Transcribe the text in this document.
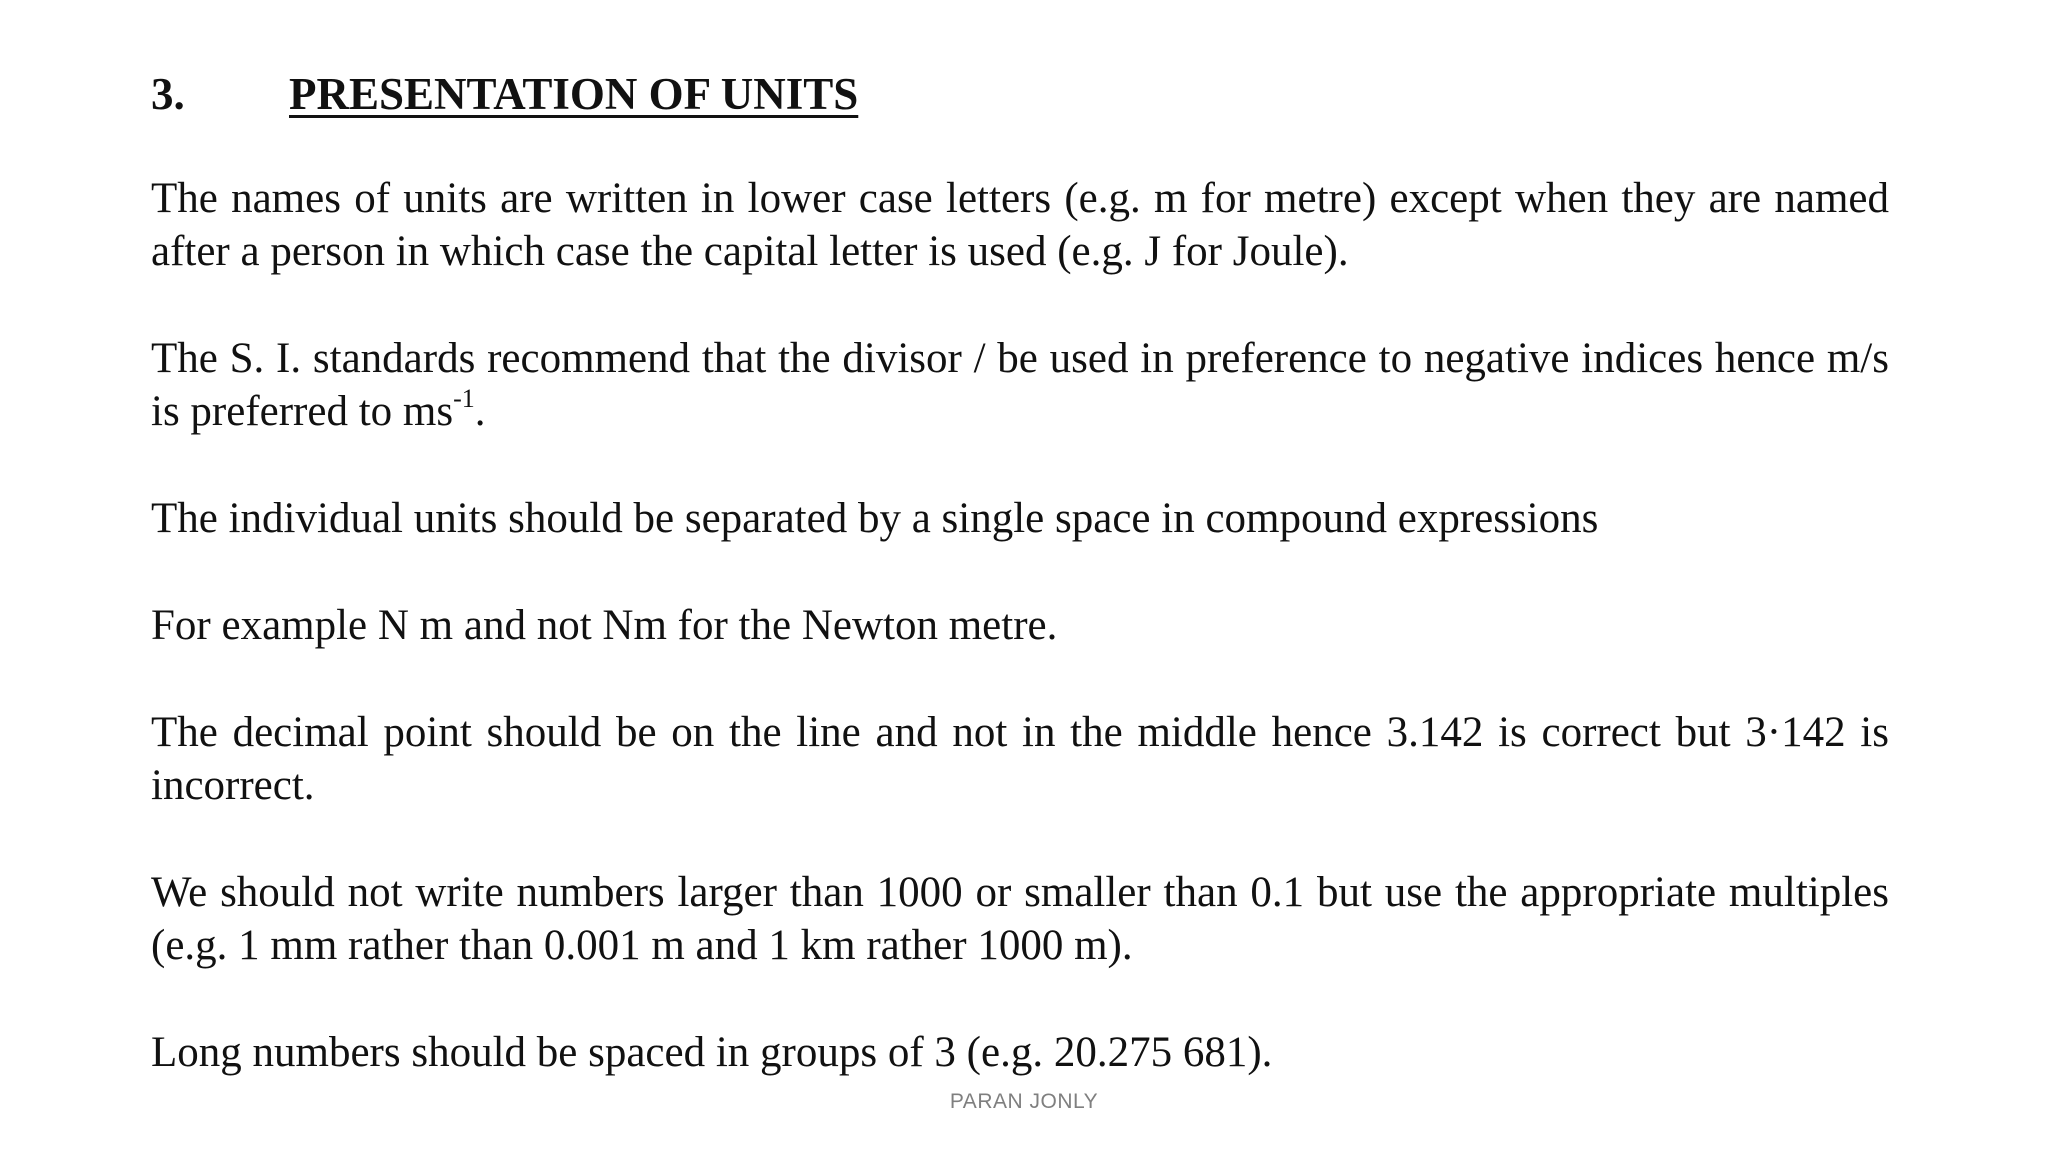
3. PRESENTATION OF UNITS

The names of units are written in lower case letters (e.g. m for metre) except when they are named after a person in which case the capital letter is used (e.g. J for Joule).

The S. I. standards recommend that the divisor / be used in preference to negative indices hence m/s is preferred to $ms^{-1}$.

The individual units should be separated by a single space in compound expressions

For example N m and not Nm for the Newton metre.

The decimal point should be on the line and not in the middle hence 3.142 is correct but 3·142 is incorrect.

We should not write numbers larger than 1000 or smaller than 0.1 but use the appropriate multiples (e.g. 1 mm rather than 0.001 m and 1 km rather 1000 m).

Long numbers should be spaced in groups of 3 (e.g. 20.275 681).

PARAN JONLY
